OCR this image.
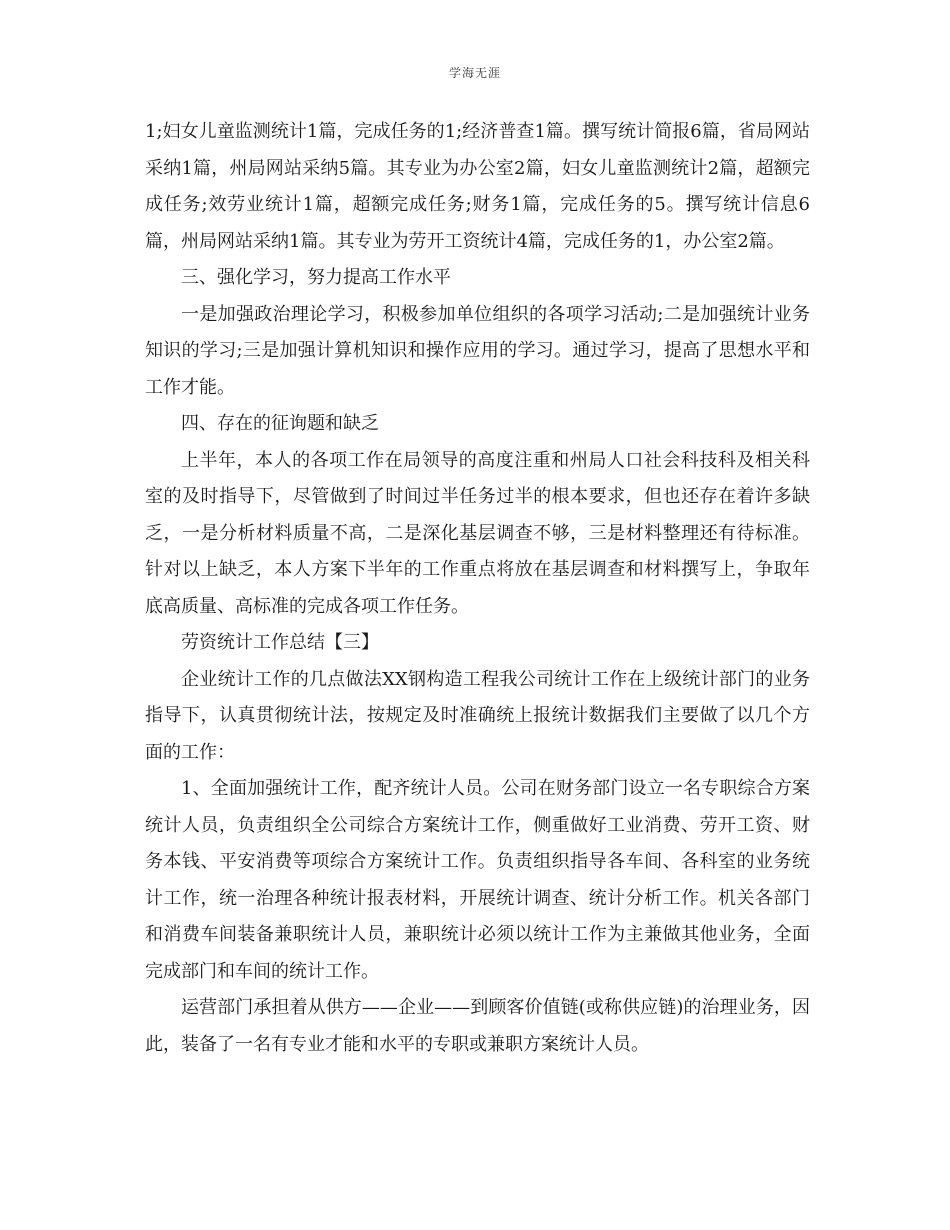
学海无涯

1;妇女儿童监测统计1篇，完成任务的1;经济普查1篇。撰写统计简报6篇，省局网站采纳1篇，州局网站采纳5篇。其专业为办公室2篇，妇女儿童监测统计2篇，超额完成任务;效劳业统计1篇，超额完成任务;财务1篇，完成任务的5。撰写统计信息6篇，州局网站采纳1篇。其专业为劳开工资统计4篇，完成任务的1，办公室2篇。

三、强化学习，努力提高工作水平

一是加强政治理论学习，积极参加单位组织的各项学习活动;二是加强统计业务知识的学习;三是加强计算机知识和操作应用的学习。通过学习，提高了思想水平和工作才能。

四、存在的征询题和缺乏

上半年，本人的各项工作在局领导的高度注重和州局人口社会科技科及相关科室的及时指导下，尽管做到了时间过半任务过半的根本要求，但也还存在着许多缺乏，一是分析材料质量不高，二是深化基层调查不够，三是材料整理还有待标准。针对以上缺乏，本人方案下半年的工作重点将放在基层调查和材料撰写上，争取年底高质量、高标准的完成各项工作任务。

劳资统计工作总结【三】

企业统计工作的几点做法XX钢构造工程我公司统计工作在上级统计部门的业务指导下，认真贯彻统计法，按规定及时准确统上报统计数据我们主要做了以几个方面的工作：

1、全面加强统计工作，配齐统计人员。公司在财务部门设立一名专职综合方案统计人员，负责组织全公司综合方案统计工作，侧重做好工业消费、劳开工资、财务本钱、平安消费等项综合方案统计工作。负责组织指导各车间、各科室的业务统计工作，统一治理各种统计报表材料，开展统计调查、统计分析工作。机关各部门和消费车间装备兼职统计人员，兼职统计必须以统计工作为主兼做其他业务，全面完成部门和车间的统计工作。

运营部门承担着从供方——企业——到顾客价值链(或称供应链)的治理业务，因此，装备了一名有专业才能和水平的专职或兼职方案统计人员。
